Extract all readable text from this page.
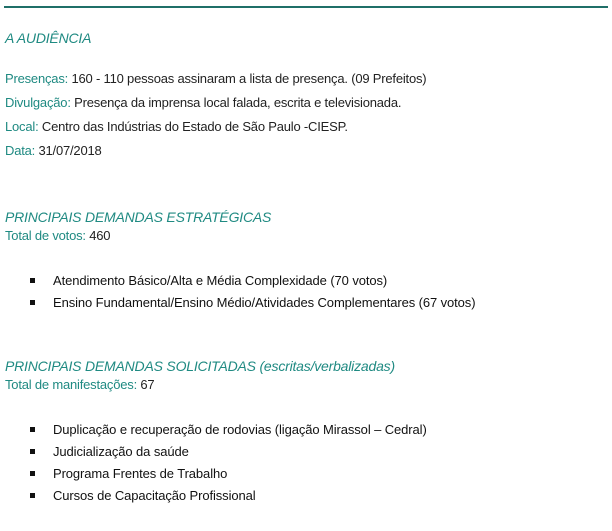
A AUDIÊNCIA
Presenças: 160 - 110 pessoas assinaram a lista de presença. (09 Prefeitos)
Divulgação: Presença da imprensa local falada, escrita e televisionada.
Local: Centro das Indústrias do Estado de São Paulo -CIESP.
Data: 31/07/2018
PRINCIPAIS DEMANDAS ESTRATÉGICAS
Total de votos: 460
Atendimento Básico/Alta e Média Complexidade (70 votos)
Ensino Fundamental/Ensino Médio/Atividades Complementares (67 votos)
PRINCIPAIS DEMANDAS SOLICITADAS (escritas/verbalizadas)
Total de manifestações: 67
Duplicação e recuperação de rodovias (ligação Mirassol – Cedral)
Judicialização da saúde
Programa Frentes de Trabalho
Cursos de Capacitação Profissional
